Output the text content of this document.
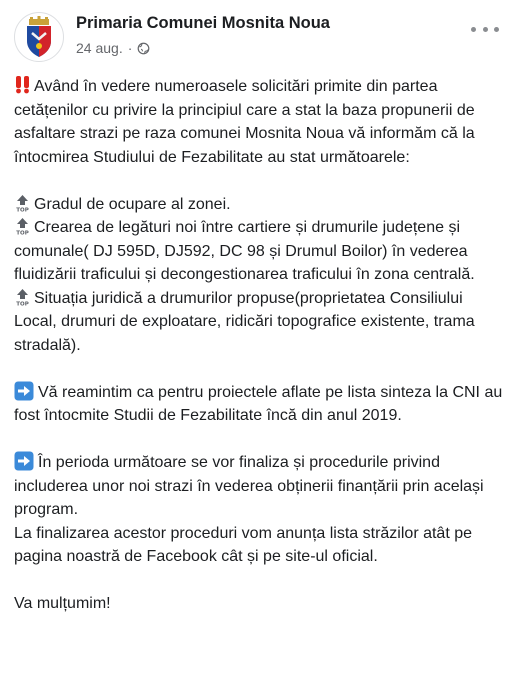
Primaria Comunei Mosnita Noua
24 aug. ·

Având în vedere numeroasele solicitări primite din partea cetățenilor cu privire la principiul care a stat la baza propunerii de asfaltare strazi pe raza comunei Mosnita Noua vă informăm că la întocmirea Studiului de Fezabilitate au stat următoarele:

TOP Gradul de ocupare al zonei.

TOP Crearea de legături noi între cartiere și drumurile județene și comunale( DJ 595D, DJ592, DC 98 și Drumul Boilor) în vederea fluidizării traficului și decongestionarea traficului în zona centrală.

TOP Situația juridică a drumurilor propuse(proprietatea Consiliului Local, drumuri de exploatare, ridicări topografice existente, trama stradală).

Vă reamintim ca pentru proiectele aflate pe lista sinteza la CNI au fost întocmite Studii de Fezabilitate încă din anul 2019.

În perioda următoare se vor finaliza și procedurile privind includerea unor noi strazi în vederea obținerii finanțării prin același program.

La finalizarea acestor proceduri vom anunța lista străzilor atât pe pagina noastră de Facebook cât și pe site-ul oficial.

Va mulțumim!
